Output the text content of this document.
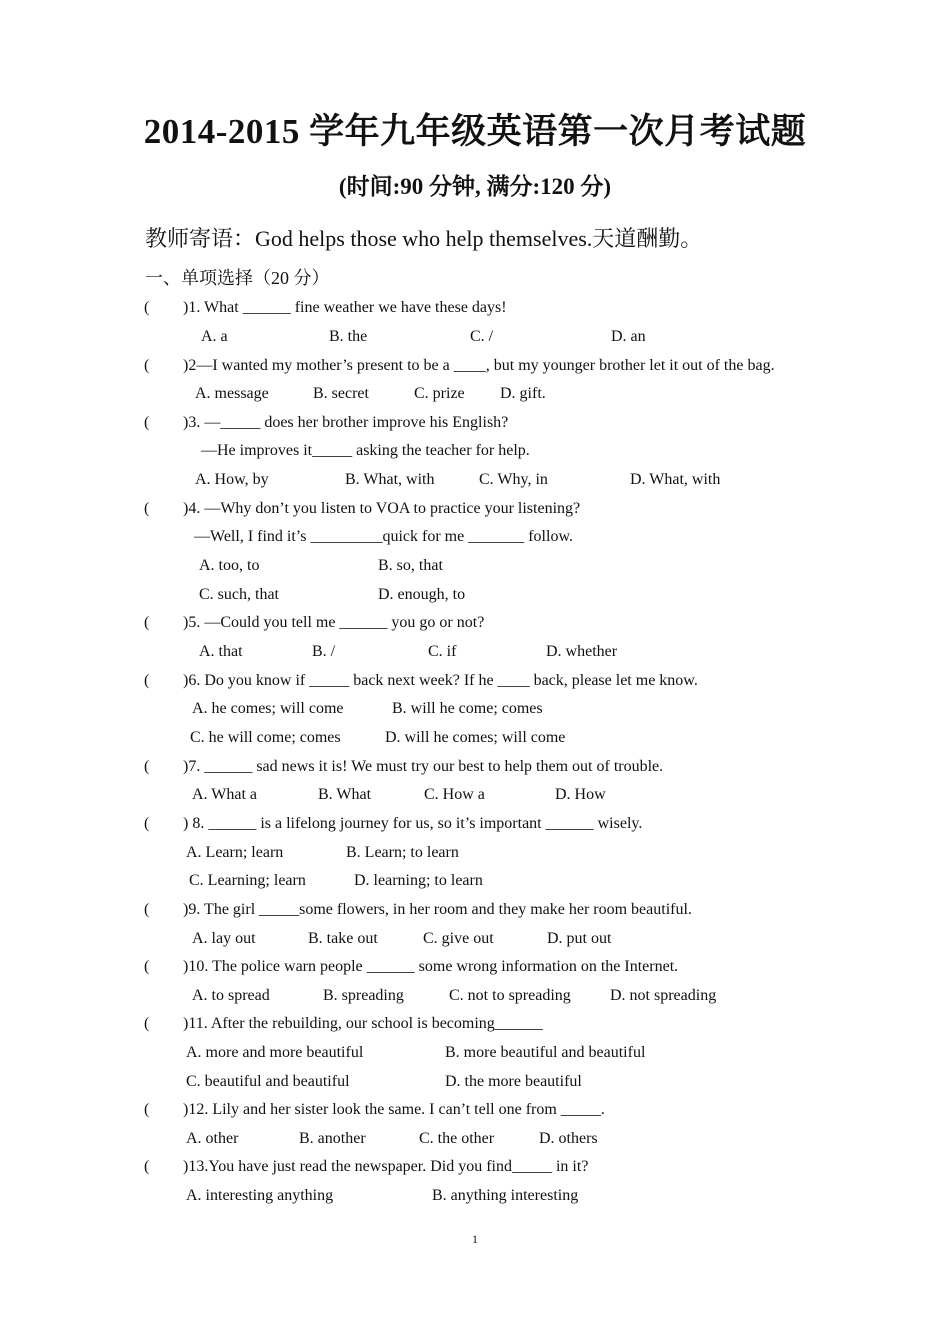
2014-2015 学年九年级英语第一次月考试题
(时间:90 分钟, 满分:120 分)
教师寄语：God helps those who help themselves.天道酬勤。
一、单项选择（20 分）
( )1. What ______ fine weather we have these days!
A. a	B. the	C. /	D. an
( )2—I wanted my mother’s present to be a ____, but my younger brother let it out of the bag.
A. message	B. secret	C. prize D. gift.
( )3. —_____ does her brother improve his English?
—He improves it_____ asking the teacher for help.
A. How, by	B. What, with	C. Why, in	D. What, with
( )4. —Why don’t you listen to VOA to practice your listening?
—Well, I find it’s _________quick for me _______ follow.
A. too, to	B. so, that
C. such, that	D. enough, to
( )5. —Could you tell me ______ you go or not?
A. that	B. /	C. if	D. whether
( )6. Do you know if _____ back next week? If he ____ back, please let me know.
A. he comes; will come	B. will he come; comes
C. he will come; comes	D. will he comes; will come
( )7. ______ sad news it is! We must try our best to help them out of trouble.
A. What a	B. What	C. How a	D. How
( ) 8. ______ is a lifelong journey for us, so it’s important ______ wisely.
A. Learn; learn	B. Learn; to learn
C. Learning; learn	D. learning; to learn
( )9. The girl _____some flowers, in her room and they make her room beautiful.
A. lay out	B. take out	C. give out	D. put out
( )10. The police warn people ______ some wrong information on the Internet.
A. to spread	B. spreading	C. not to spreading D. not spreading
( )11. After the rebuilding, our school is becoming______
A. more and more beautiful	B. more beautiful and beautiful
C. beautiful and beautiful	D. the more beautiful
( )12. Lily and her sister look the same. I can’t tell one from _____.
A. other	B. another	C. the other	D. others
( )13.You have just read the newspaper. Did you find_____ in it?
A. interesting anything	B. anything interesting
1
